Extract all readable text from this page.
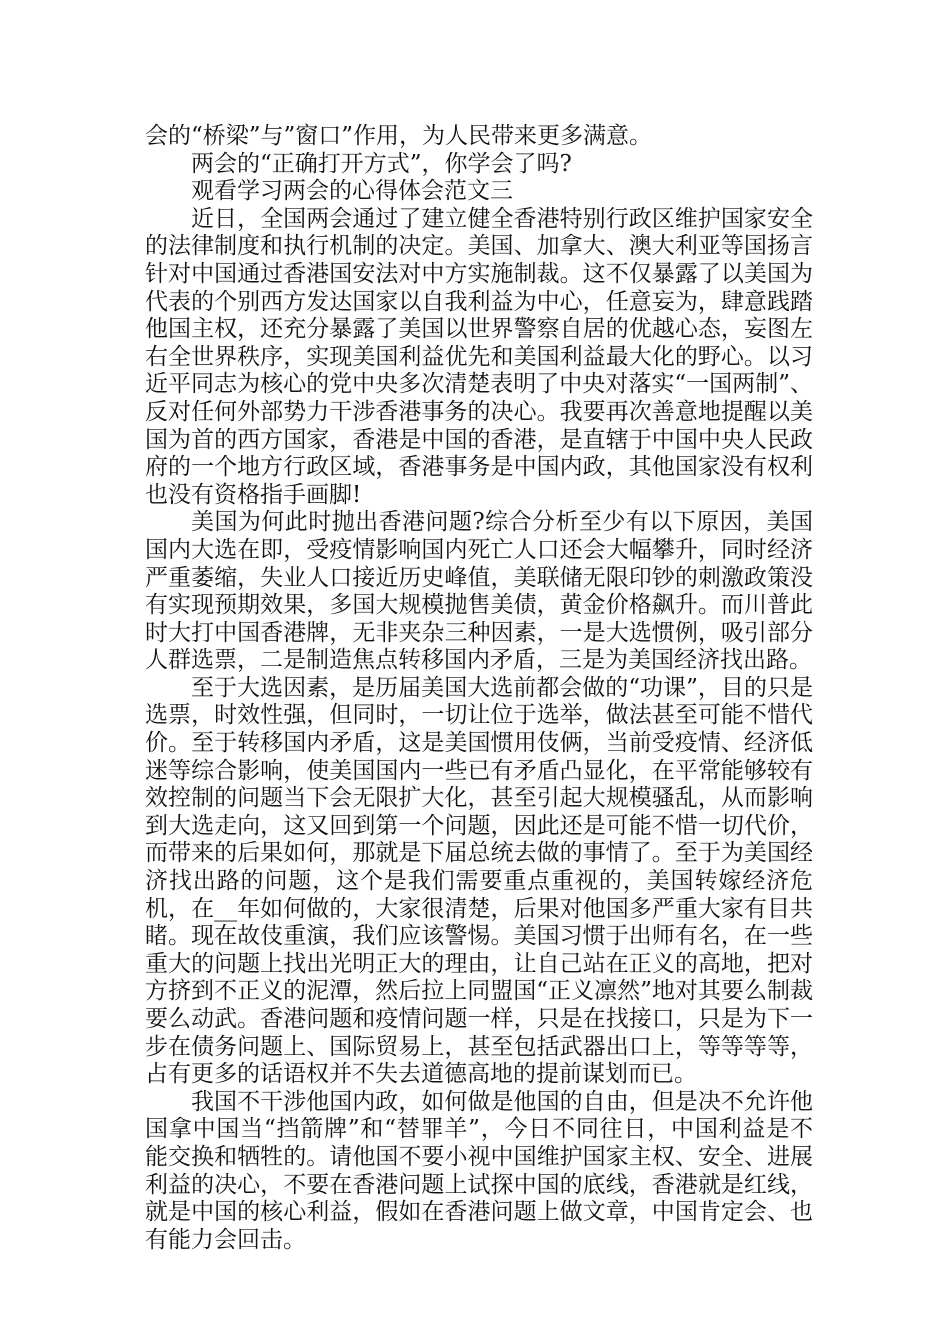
会的“桥梁”与”窗口”作用，为人民带来更多满意。

两会的“正确打开方式”，你学会了吗?

观看学习两会的心得体会范文三

近日，全国两会通过了建立健全香港特别行政区维护国家安全的法律制度和执行机制的决定。美国、加拿大、澳大利亚等国扬言针对中国通过香港国安法对中方实施制裁。这不仅暴露了以美国为代表的个别西方发达国家以自我利益为中心，任意妄为，肆意践踏他国主权，还充分暴露了美国以世界警察自居的优越心态，妄图左右全世界秩序，实现美国利益优先和美国利益最大化的野心。以习近平同志为核心的党中央多次清楚表明了中央对落实“一国两制”、反对任何外部势力干涉香港事务的决心。我要再次善意地提醒以美国为首的西方国家，香港是中国的香港，是直辖于中国中央人民政府的一个地方行政区域，香港事务是中国内政，其他国家没有权利也没有资格指手画脚!

美国为何此时抛出香港问题?综合分析至少有以下原因，美国国内大选在即，受疫情影响国内死亡人口还会大幅攀升，同时经济严重萎缩，失业人口接近历史峰值，美联储无限印钞的刺激政策没有实现预期效果，多国大规模抛售美债，黄金价格飙升。而川普此时大打中国香港牌，无非夹杂三种因素，一是大选惯例，吸引部分人群选票，二是制造焦点转移国内矛盾，三是为美国经济找出路。

至于大选因素，是历届美国大选前都会做的“功课”，目的只是选票，时效性强，但同时，一切让位于选举，做法甚至可能不惜代价。至于转移国内矛盾，这是美国惯用伎俩，当前受疫情、经济低迷等综合影响，使美国国内一些已有矛盾凸显化，在平常能够较有效控制的问题当下会无限扩大化，甚至引起大规模骚乱，从而影响到大选走向，这又回到第一个问题，因此还是可能不惜一切代价，而带来的后果如何，那就是下届总统去做的事情了。至于为美国经济找出路的问题，这个是我们需要重点重视的，美国转嫁经济危机，在__年如何做的，大家很清楚，后果对他国多严重大家有目共睹。现在故伎重演，我们应该警惕。美国习惯于出师有名，在一些重大的问题上找出光明正大的理由，让自己站在正义的高地，把对方挤到不正义的泥潭，然后拉上同盟国“正义凛然”地对其要么制裁要么动武。香港问题和疫情问题一样，只是在找接口，只是为下一步在债务问题上、国际贸易上，甚至包括武器出口上，等等等等，占有更多的话语权并不失去道德高地的提前谋划而已。

我国不干涉他国内政，如何做是他国的自由，但是决不允许他国拿中国当“挡箭牌”和“替罪羊”，今日不同往日，中国利益是不能交换和牺牲的。请他国不要小视中国维护国家主权、安全、进展利益的决心，不要在香港问题上试探中国的底线，香港就是红线，就是中国的核心利益，假如在香港问题上做文章，中国肯定会、也有能力会回击。
